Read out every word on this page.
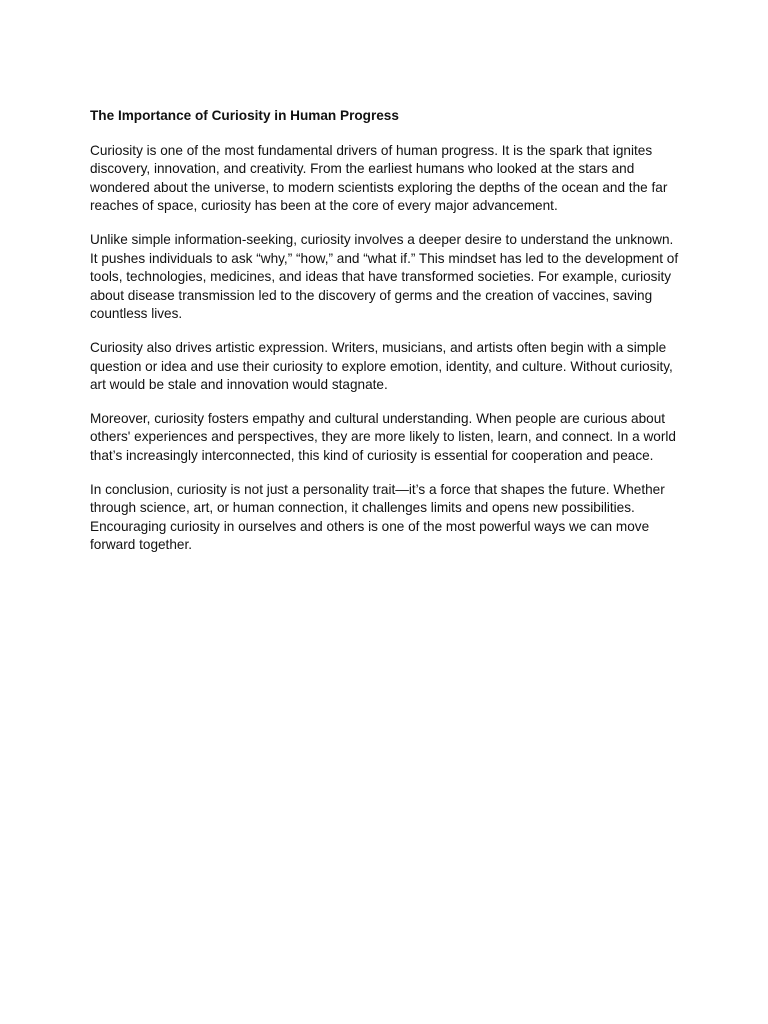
The Importance of Curiosity in Human Progress

Curiosity is one of the most fundamental drivers of human progress. It is the spark that ignites discovery, innovation, and creativity. From the earliest humans who looked at the stars and wondered about the universe, to modern scientists exploring the depths of the ocean and the far reaches of space, curiosity has been at the core of every major advancement.

Unlike simple information-seeking, curiosity involves a deeper desire to understand the unknown. It pushes individuals to ask “why,” “how,” and “what if.” This mindset has led to the development of tools, technologies, medicines, and ideas that have transformed societies. For example, curiosity about disease transmission led to the discovery of germs and the creation of vaccines, saving countless lives.

Curiosity also drives artistic expression. Writers, musicians, and artists often begin with a simple question or idea and use their curiosity to explore emotion, identity, and culture. Without curiosity, art would be stale and innovation would stagnate.

Moreover, curiosity fosters empathy and cultural understanding. When people are curious about others' experiences and perspectives, they are more likely to listen, learn, and connect. In a world that’s increasingly interconnected, this kind of curiosity is essential for cooperation and peace.

In conclusion, curiosity is not just a personality trait—it’s a force that shapes the future. Whether through science, art, or human connection, it challenges limits and opens new possibilities. Encouraging curiosity in ourselves and others is one of the most powerful ways we can move forward together.
